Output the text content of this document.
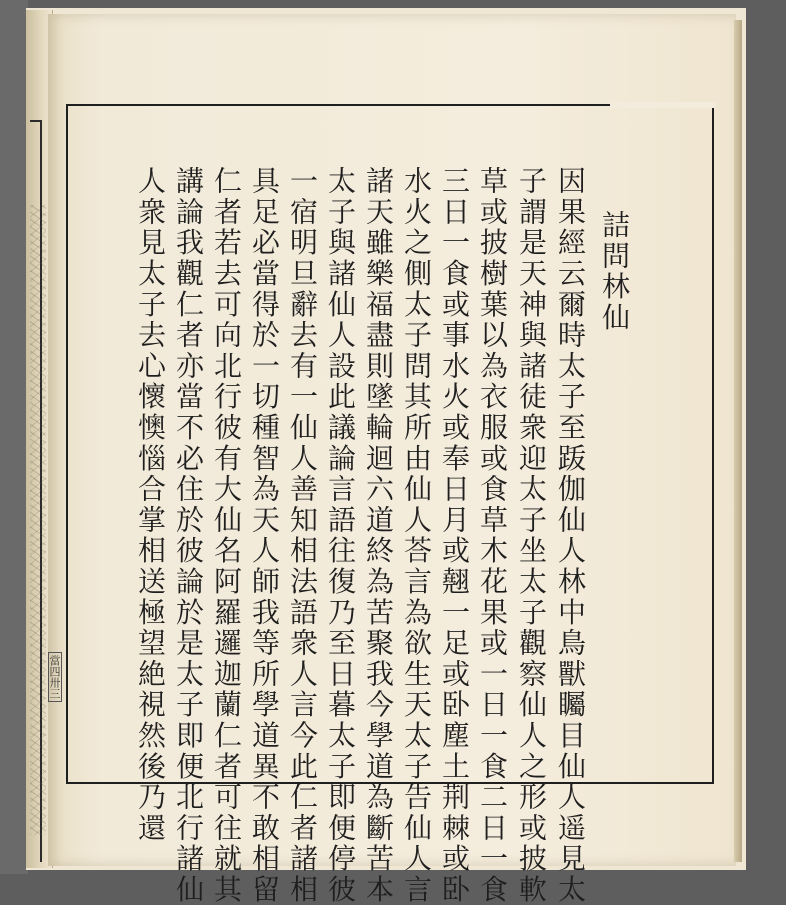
詰問林仙
因果經云爾時太子至䟦伽仙人林中鳥獸矚目仙人遥見太
子謂是天神與諸徒衆迎太子坐太子觀察仙人之形或披軟
草或披樹葉以為衣服或食草木花果或一日一食二日一食
三日一食或事水火或奉日月或翹一足或卧塵土荆棘或卧
水火之側太子問其所由仙人荅言為欲生天太子告仙人言
諸天雖樂福盡則墜輪迴六道終為苦聚我今學道為斷苦本
太子與諸仙人設此議論言語往復乃至日暮太子即便停彼
一宿明旦辭去有一仙人善知相法語衆人言今此仁者諸相
具足必當得於一切種智為天人師我等所學道異不敢相留
仁者若去可向北行彼有大仙名阿羅邏迦蘭仁者可往就其
講論我觀仁者亦當不必住於彼論於是太子即便北行諸仙
人衆見太子去心懷懊惱合掌相送極望絶視然後乃還
當四卅三
